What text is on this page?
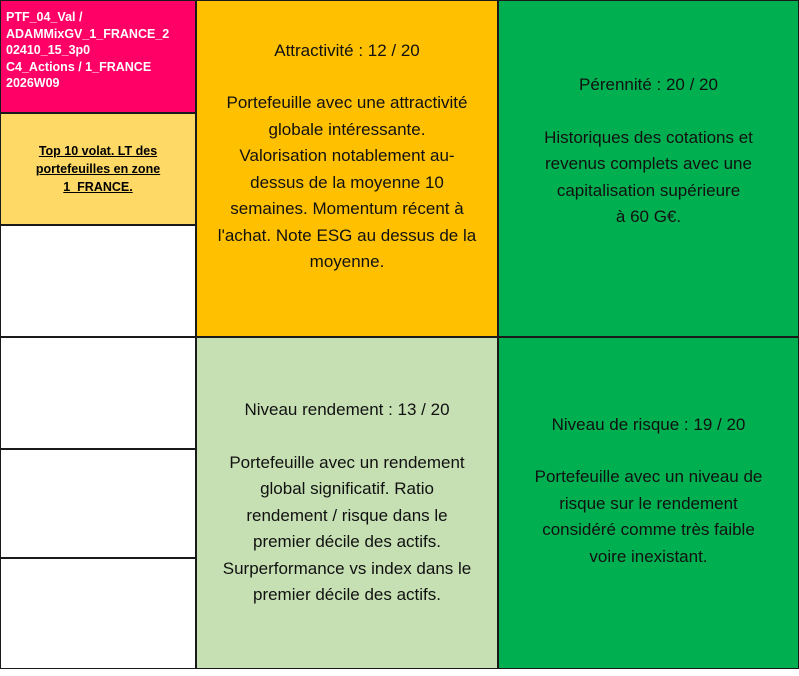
PTF_04_Val /
ADAMMixGV_1_FRANCE_2
02410_15_3p0
C4_Actions / 1_FRANCE
2026W09
Top 10 volat. LT des portefeuilles en zone 1_FRANCE.
Attractivité : 12 / 20
Portefeuille avec une attractivité
globale intéressante.
Valorisation notablement au-
dessus de la moyenne 10
semaines. Momentum récent à
l'achat. Note ESG au dessus de la
moyenne.
Pérennité : 20 / 20
Historiques des cotations et
revenus complets avec une
capitalisation supérieure
à 60 G€.
Niveau rendement : 13 / 20
Portefeuille avec un rendement
global significatif. Ratio
rendement / risque dans le
premier décile des actifs.
Surperformance vs index dans le
premier décile des actifs.
Niveau de risque : 19 / 20
Portefeuille avec un niveau de
risque sur le rendement
considéré comme très faible
voire inexistant.
